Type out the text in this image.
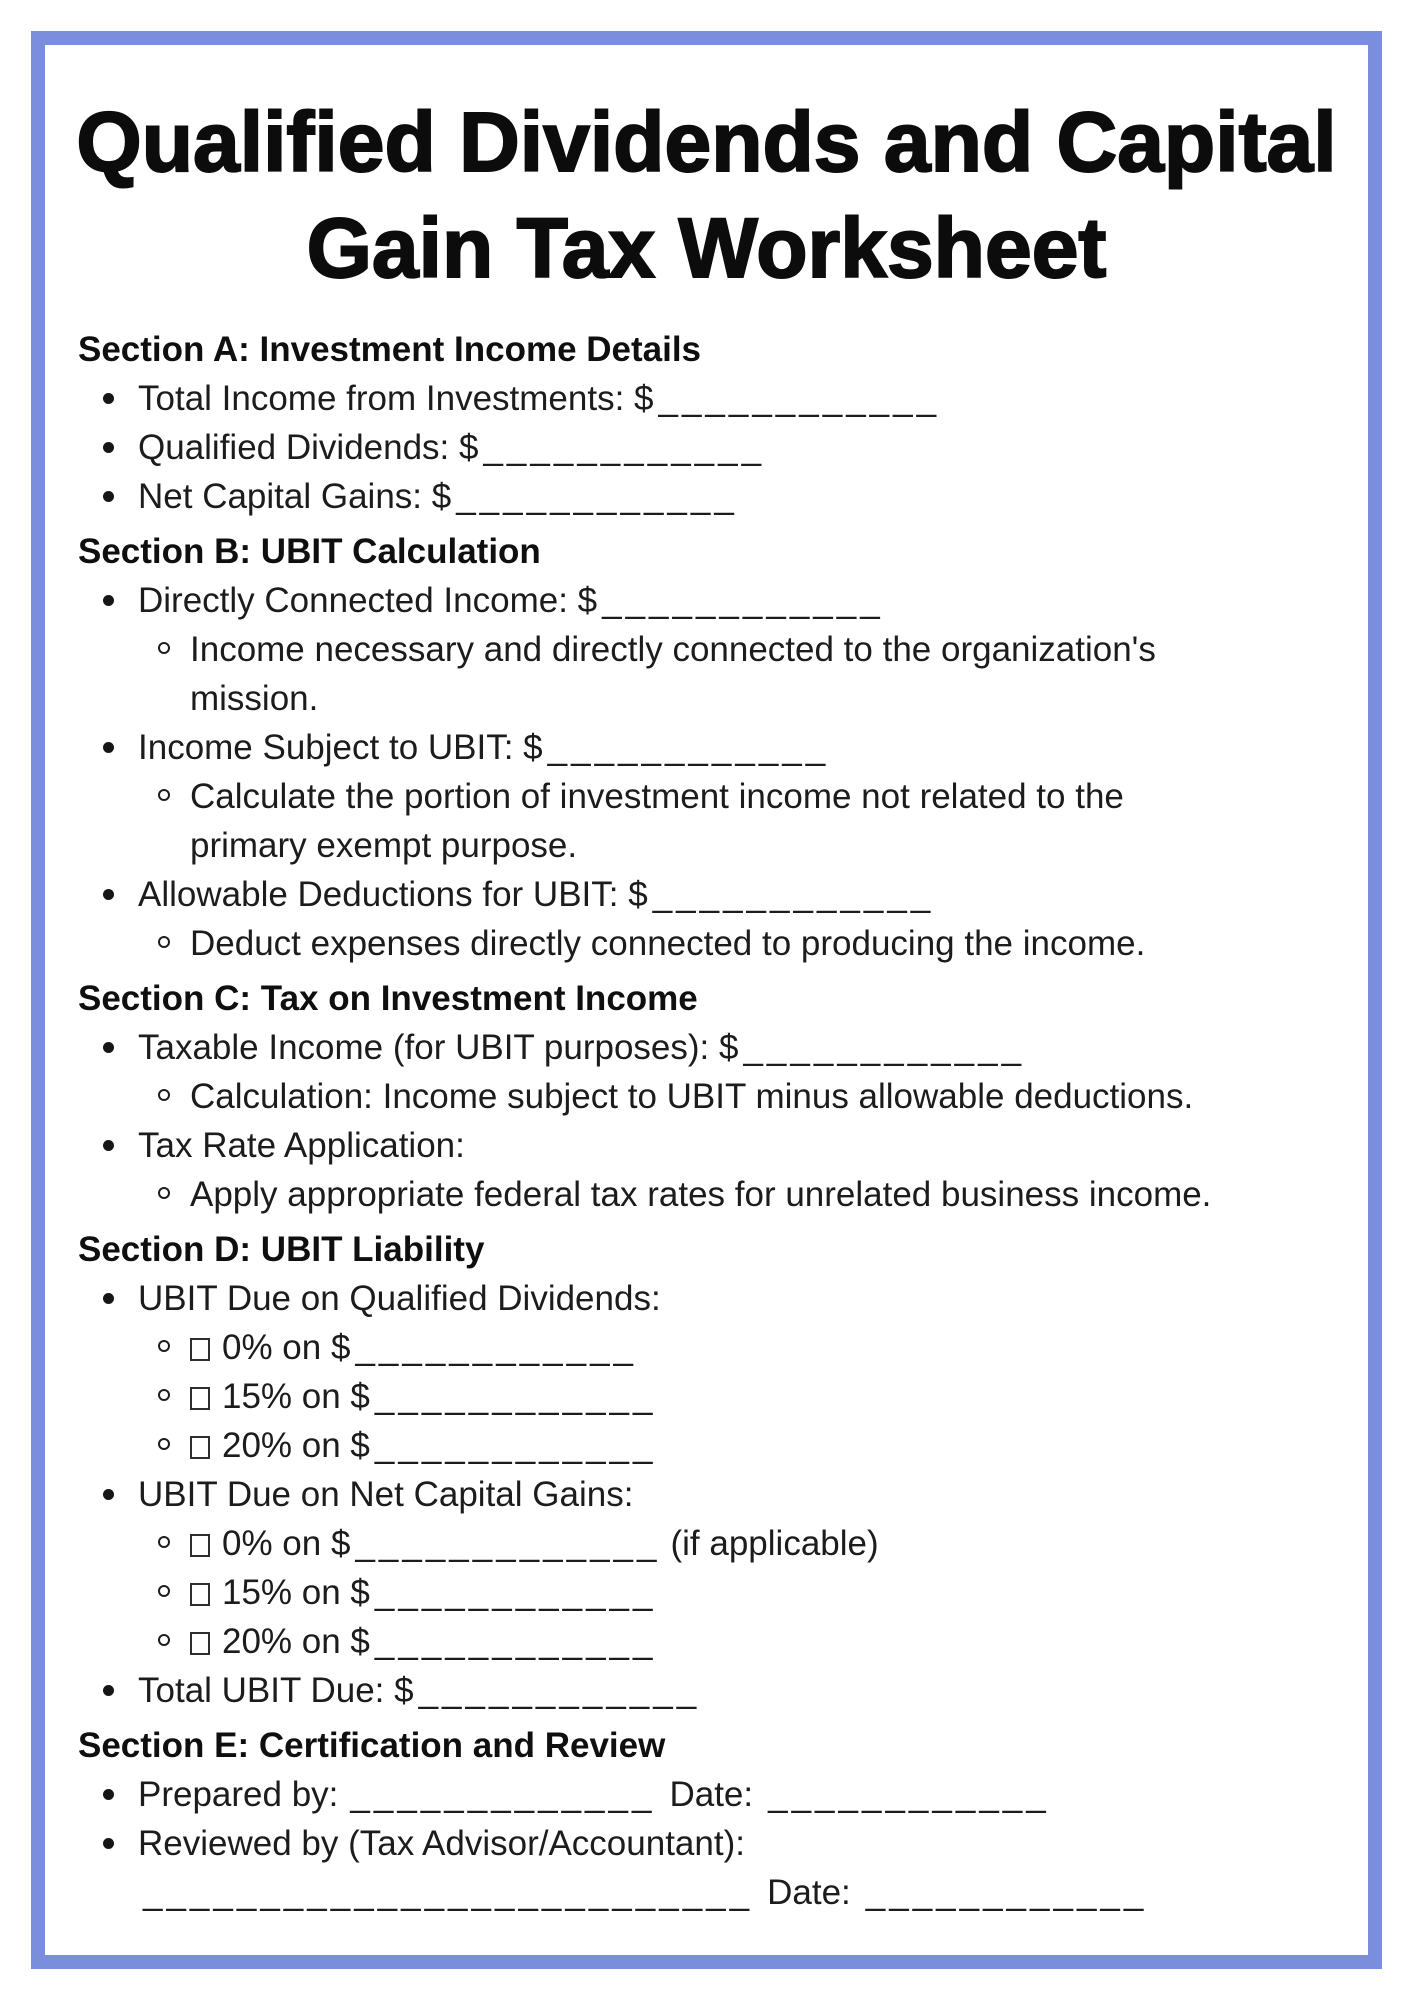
Qualified Dividends and Capital
Gain Tax Worksheet
Section A: Investment Income Details
Total Income from Investments: $ ____________
Qualified Dividends: $ ____________
Net Capital Gains: $ ____________
Section B: UBIT Calculation
Directly Connected Income: $ ____________
Income necessary and directly connected to the organization's
mission.
Income Subject to UBIT: $ ____________
Calculate the portion of investment income not related to the
primary exempt purpose.
Allowable Deductions for UBIT: $ ____________
Deduct expenses directly connected to producing the income.
Section C: Tax on Investment Income
Taxable Income (for UBIT purposes): $ ____________
Calculation: Income subject to UBIT minus allowable deductions.
Tax Rate Application:
Apply appropriate federal tax rates for unrelated business income.
Section D: UBIT Liability
UBIT Due on Qualified Dividends:
0% on $ ____________
15% on $ ____________
20% on $ ____________
UBIT Due on Net Capital Gains:
0% on $ _____________ (if applicable)
15% on $ ____________
20% on $ ____________
Total UBIT Due: $ ____________
Section E: Certification and Review
Prepared by: _____________ Date: ____________
Reviewed by (Tax Advisor/Accountant):
__________________________ Date: ____________
